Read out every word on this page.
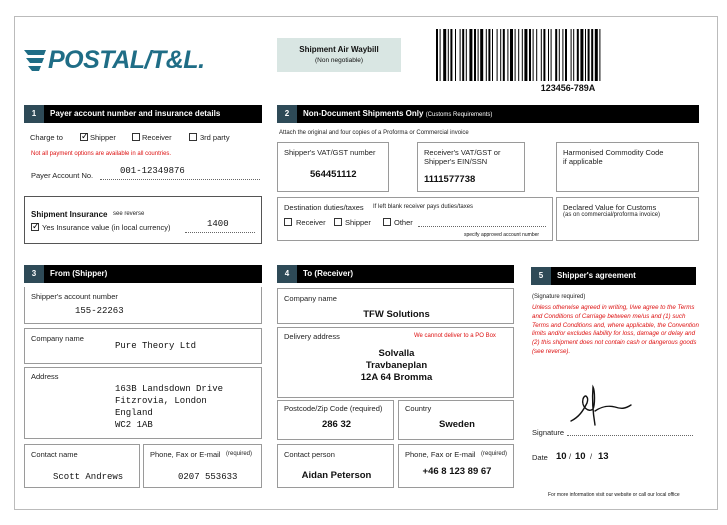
POSTAL/T&L.	Shipment Air Waybill
(Non negotiable)
123456-789A
1	Payer account number and insurance details
Charge to
✓	Shipper	Receiver	3rd party
Not all payment options are available in all countries.
Payer Account No.	001-12349876
Shipment Insurance see reverse
✓
Yes Insurance value (in local currency)	1400
2	Non-Document Shipments Only (Customs Requirements)
Attach the original and four copies of a Proforma or Commercial invoice
Shipper's VAT/GST number
564451112
Receiver's VAT/GST or
Shipper's EIN/SSN
1111577738
Harmonised Commodity Code
if applicable
Destination duties/taxes If left blank receiver pays duties/taxes
Receiver	Shipper	Other
specify approved account number
Declared Value for Customs
(as on commercial/proforma invoice)
3	From (Shipper)
Shipper's account number
155-22263
Company name
Pure Theory Ltd
Address
163B Landsdown Drive
Fitzrovia, London
England
WC2 1AB
Contact name
Scott Andrews
Phone, Fax or E-mail (required)
0207 553633
4	To (Receiver)
Company name
TFW Solutions
Delivery address	We cannot deliver to a PO Box
Solvalla
Travbaneplan
12A 64 Bromma
Postcode/Zip Code (required)
286 32
Country
Sweden
Contact person
Aidan Peterson
Phone, Fax or E-mail (required)
+46 8 123 89 67
5	Shipper's agreement
(Signature required)
Unless otherwise agreed in writing, I/we agree to the Terms and Conditions of Carriage between me/us and (1) such Terms and Conditions and, where applicable, the Convention limits and/or excludes liability for loss, damage or delay and (2) this shipment does not contain cash or dangerous goods (see reverse).
Signature
Date 10 / 10 / 13
For more information visit our website or call our local office
